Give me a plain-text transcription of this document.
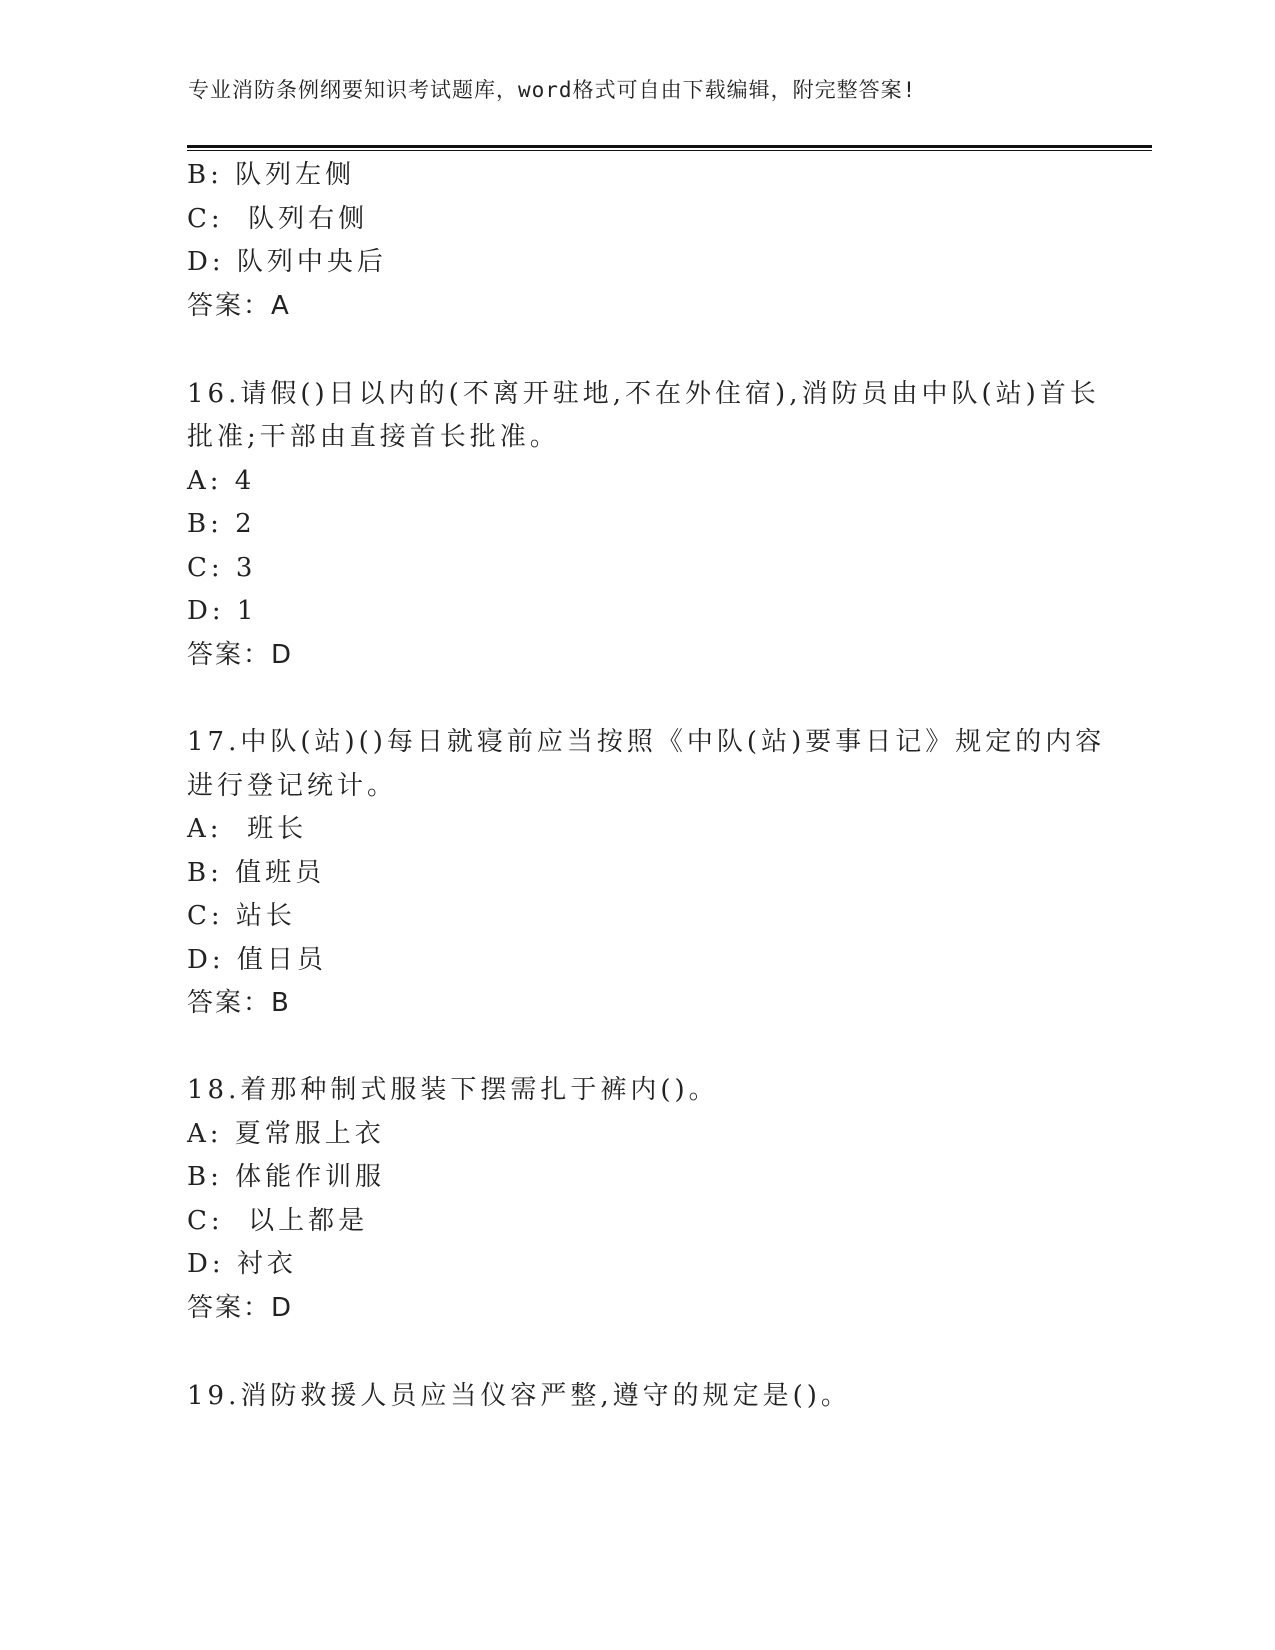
专业消防条例纲要知识考试题库，word格式可自由下载编辑，附完整答案!
B: 队列左侧
C:  队列右侧
D: 队列中央后
答案：A
16.请假()日以内的(不离开驻地,不在外住宿),消防员由中队(站)首长
批准;干部由直接首长批准。
A: 4
B: 2
C: 3
D: 1
答案：D
17.中队(站)()每日就寝前应当按照《中队(站)要事日记》规定的内容
进行登记统计。
A:  班长
B: 值班员
C: 站长
D: 值日员
答案：B
18.着那种制式服装下摆需扎于裤内()。
A: 夏常服上衣
B: 体能作训服
C:  以上都是
D: 衬衣
答案：D
19.消防救援人员应当仪容严整,遵守的规定是()。
